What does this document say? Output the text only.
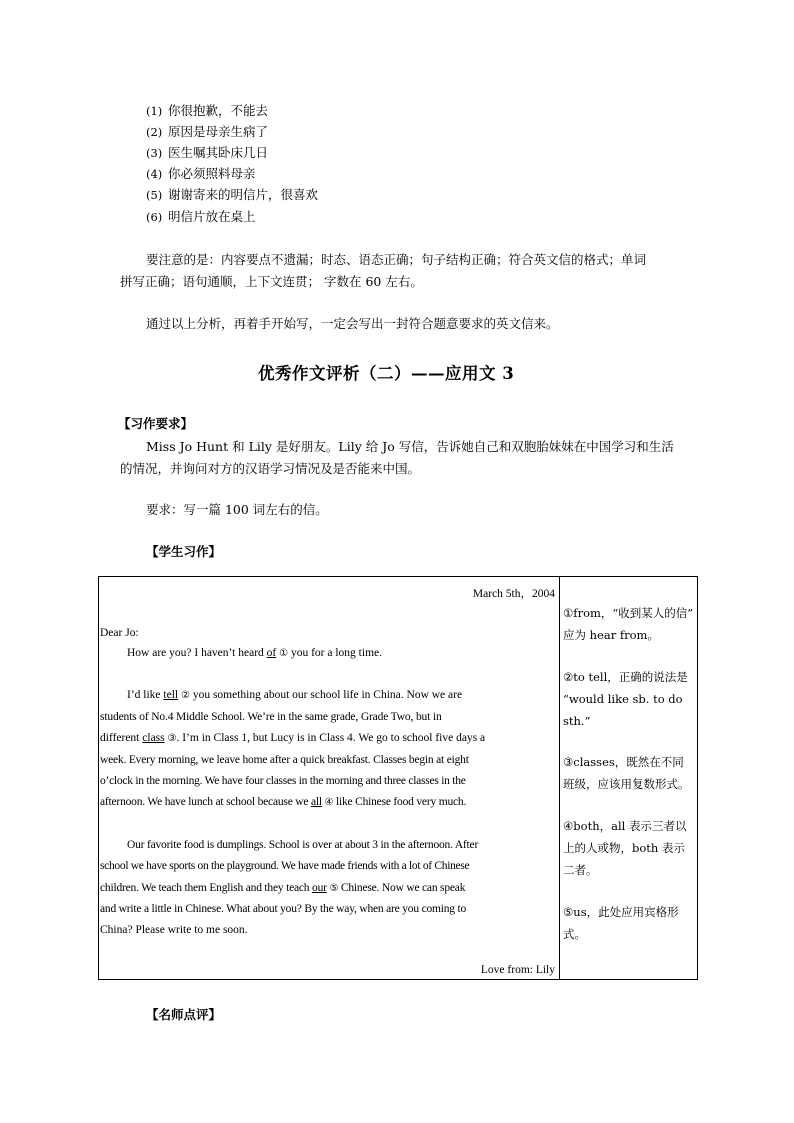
(1) 你很抱歉，不能去
(2) 原因是母亲生病了
(3) 医生嘱其卧床几日
(4) 你必须照料母亲
(5) 谢谢寄来的明信片，很喜欢
(6) 明信片放在桌上
要注意的是：内容要点不遗漏；时态、语态正确；句子结构正确；符合英文信的格式；单词
拼写正确；语句通顺，上下文连贯； 字数在 60 左右。
通过以上分析，再着手开始写，一定会写出一封符合题意要求的英文信来。
优秀作文评析（二）——应用文 3
【习作要求】
Miss Jo Hunt 和 Lily 是好朋友。Lily 给 Jo 写信，告诉她自己和双胞胎妹妹在中国学习和生活
的情况，并询问对方的汉语学习情况及是否能来中国。
要求：写一篇 100 词左右的信。
【学生习作】
March 5th，2004
Dear Jo:
How are you? I haven’t heard of ① you for a long time.
I’d like tell ② you something about our school life in China. Now we are
students of No.4 Middle School. We’re in the same grade, Grade Two, but in
different class ③. I’m in Class 1, but Lucy is in Class 4. We go to school five days a
week. Every morning, we leave home after a quick breakfast. Classes begin at eight
o’clock in the morning. We have four classes in the morning and three classes in the
afternoon. We have lunch at school because we all ④ like Chinese food very much.
Our favorite food is dumplings. School is over at about 3 in the afternoon. After
school we have sports on the playground. We have made friends with a lot of Chinese
children. We teach them English and they teach our ⑤ Chinese. Now we can speak
and write a little in Chinese. What about you? By the way, when are you coming to
China? Please write to me soon.
Love from: Lily

①from，“收到某人的信”
应为 hear from。
②to tell，正确的说法是
“would like sb. to do
sth.”
③classes，既然在不同
班级，应该用复数形式。
④both，all 表示三者以
上的人或物，both 表示
二者。
⑤us，此处应用宾格形
式。
【名师点评】
